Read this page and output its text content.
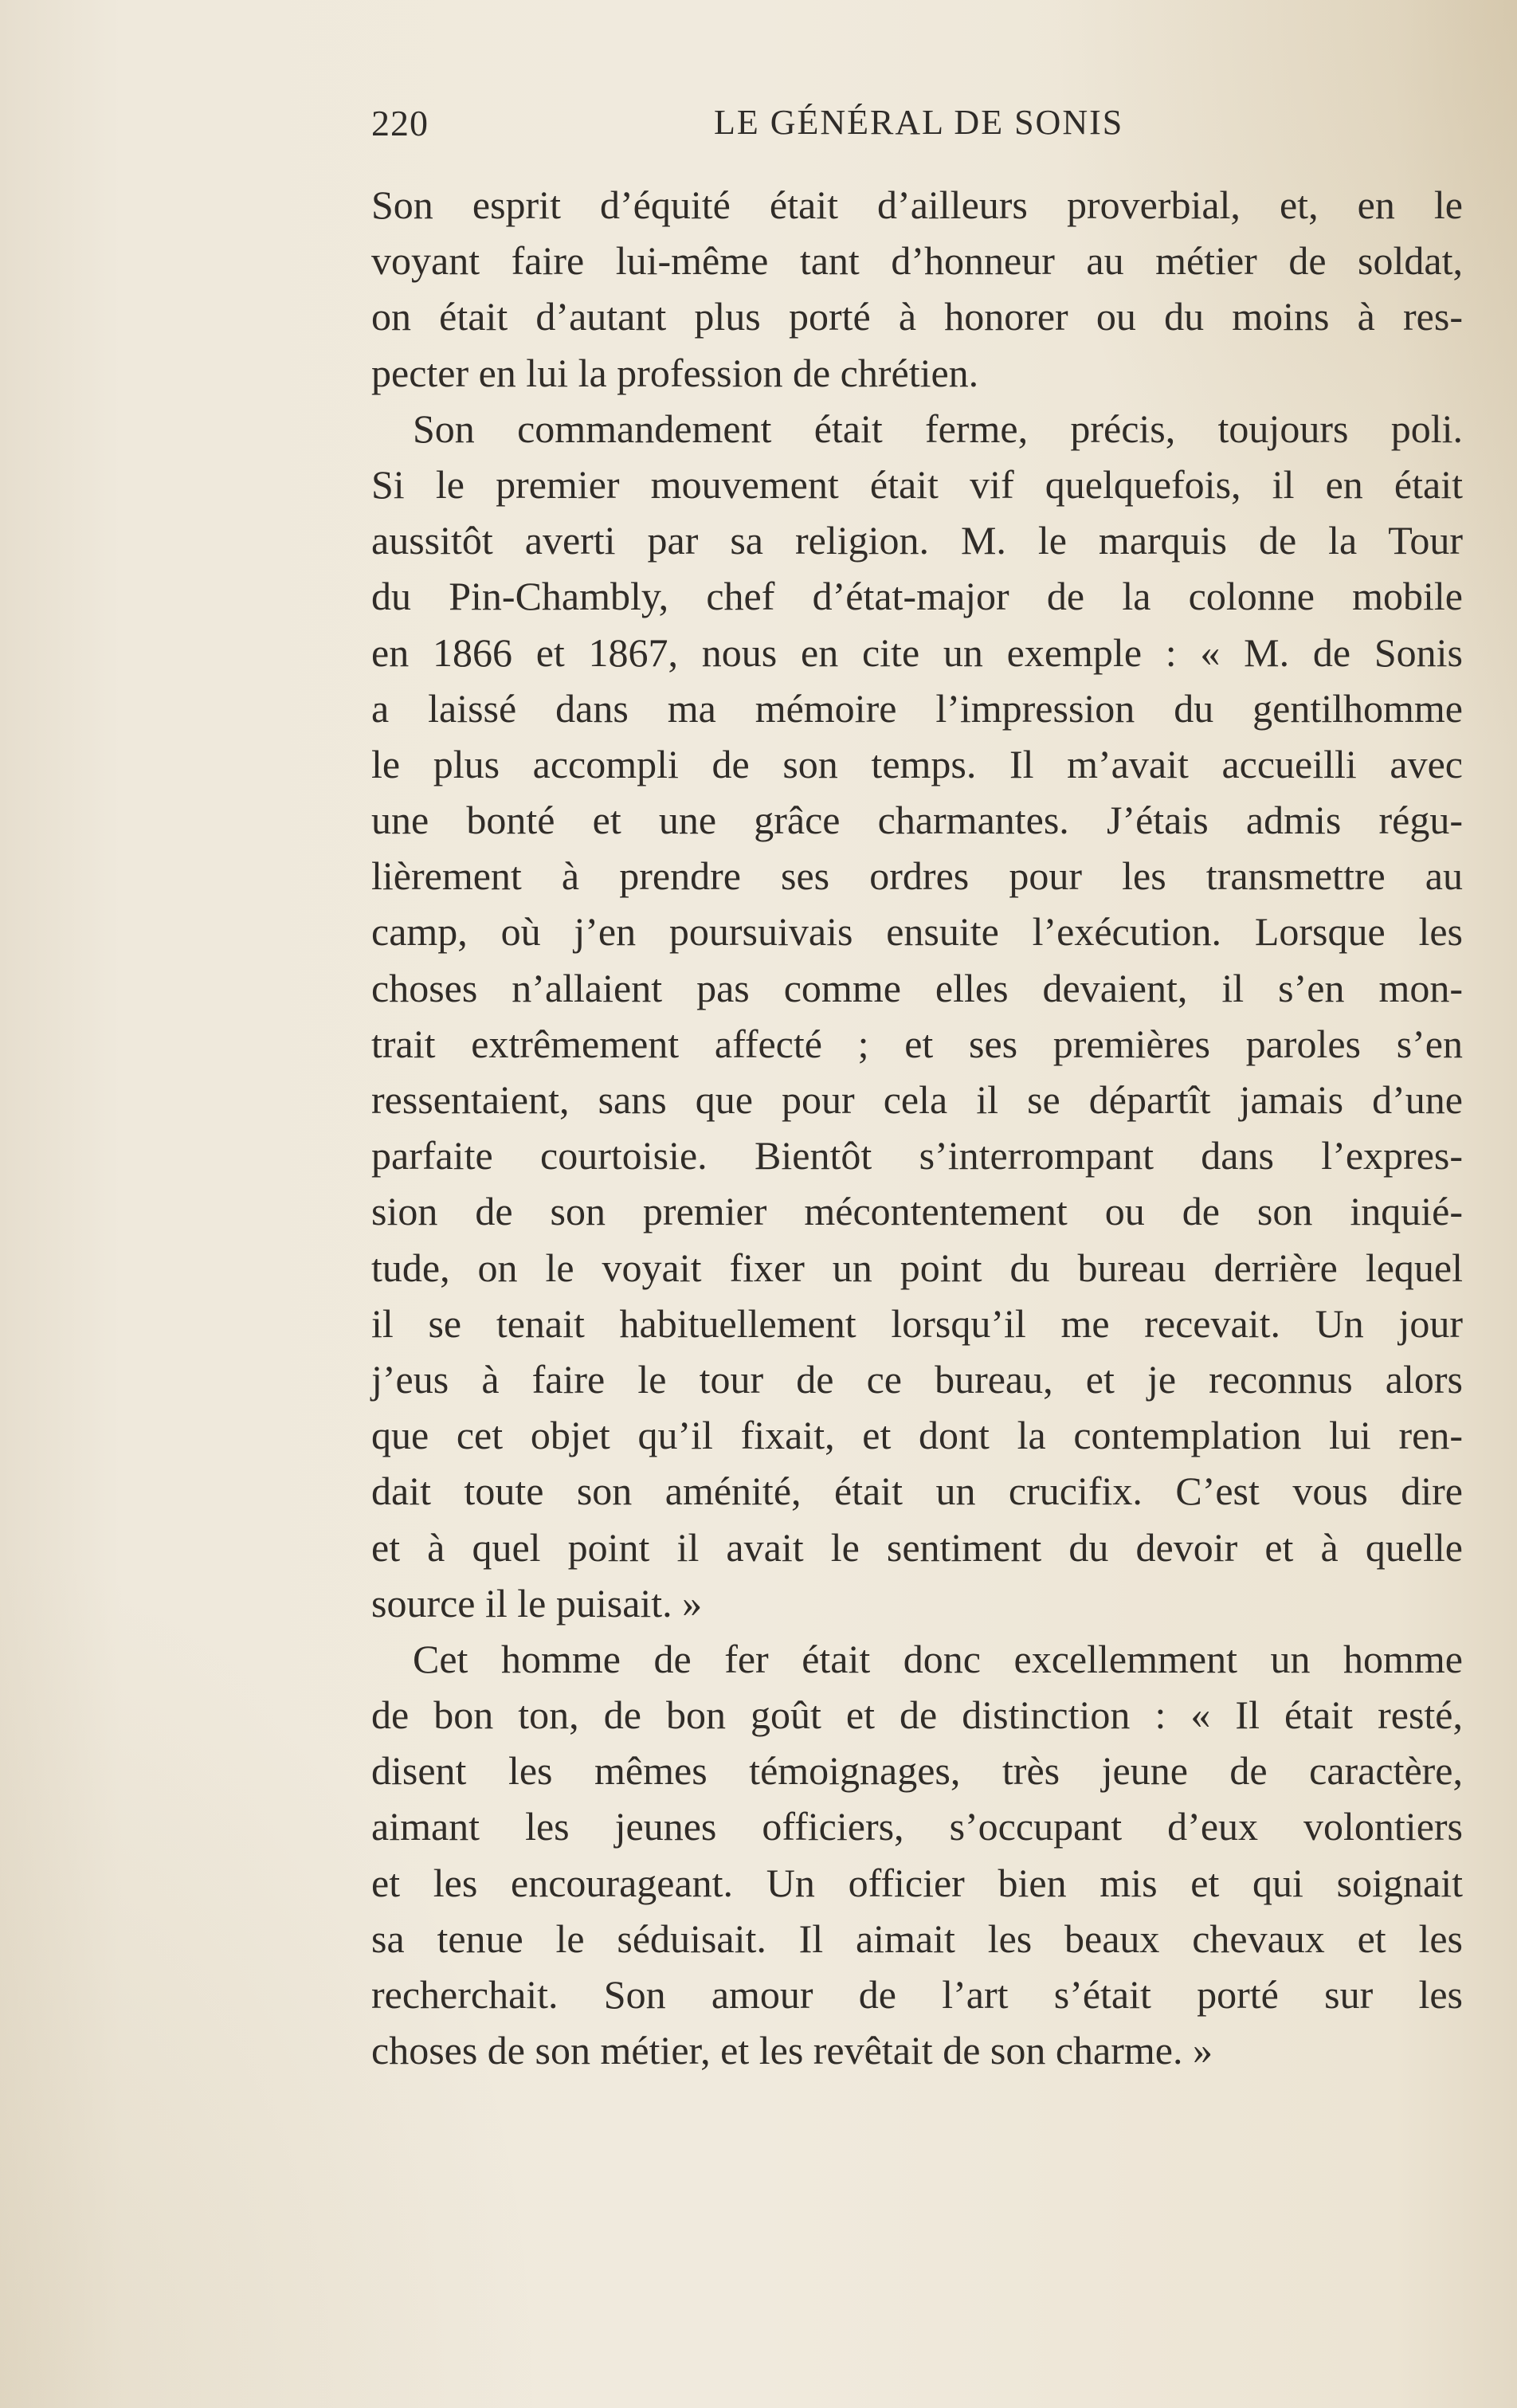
220	LE GÉNÉRAL DE SONIS
Son esprit d’équité était d’ailleurs proverbial, et, en le
voyant faire lui-même tant d’honneur au métier de soldat,
on était d’autant plus porté à honorer ou du moins à res-
pecter en lui la profession de chrétien.
Son commandement était ferme, précis, toujours poli.
Si le premier mouvement était vif quelquefois, il en était
aussitôt averti par sa religion. M. le marquis de la Tour
du Pin-Chambly, chef d’état-major de la colonne mobile
en 1866 et 1867, nous en cite un exemple : « M. de Sonis
a laissé dans ma mémoire l’impression du gentilhomme
le plus accompli de son temps. Il m’avait accueilli avec
une bonté et une grâce charmantes. J’étais admis régu-
lièrement à prendre ses ordres pour les transmettre au
camp, où j’en poursuivais ensuite l’exécution. Lorsque les
choses n’allaient pas comme elles devaient, il s’en mon-
trait extrêmement affecté ; et ses premières paroles s’en
ressentaient, sans que pour cela il se départît jamais d’une
parfaite courtoisie. Bientôt s’interrompant dans l’expres-
sion de son premier mécontentement ou de son inquié-
tude, on le voyait fixer un point du bureau derrière lequel
il se tenait habituellement lorsqu’il me recevait. Un jour
j’eus à faire le tour de ce bureau, et je reconnus alors
que cet objet qu’il fixait, et dont la contemplation lui ren-
dait toute son aménité, était un crucifix. C’est vous dire
et à quel point il avait le sentiment du devoir et à quelle
source il le puisait. »
Cet homme de fer était donc excellemment un homme
de bon ton, de bon goût et de distinction : « Il était resté,
disent les mêmes témoignages, très jeune de caractère,
aimant les jeunes officiers, s’occupant d’eux volontiers
et les encourageant. Un officier bien mis et qui soignait
sa tenue le séduisait. Il aimait les beaux chevaux et les
recherchait. Son amour de l’art s’était porté sur les
choses de son métier, et les revêtait de son charme. »
